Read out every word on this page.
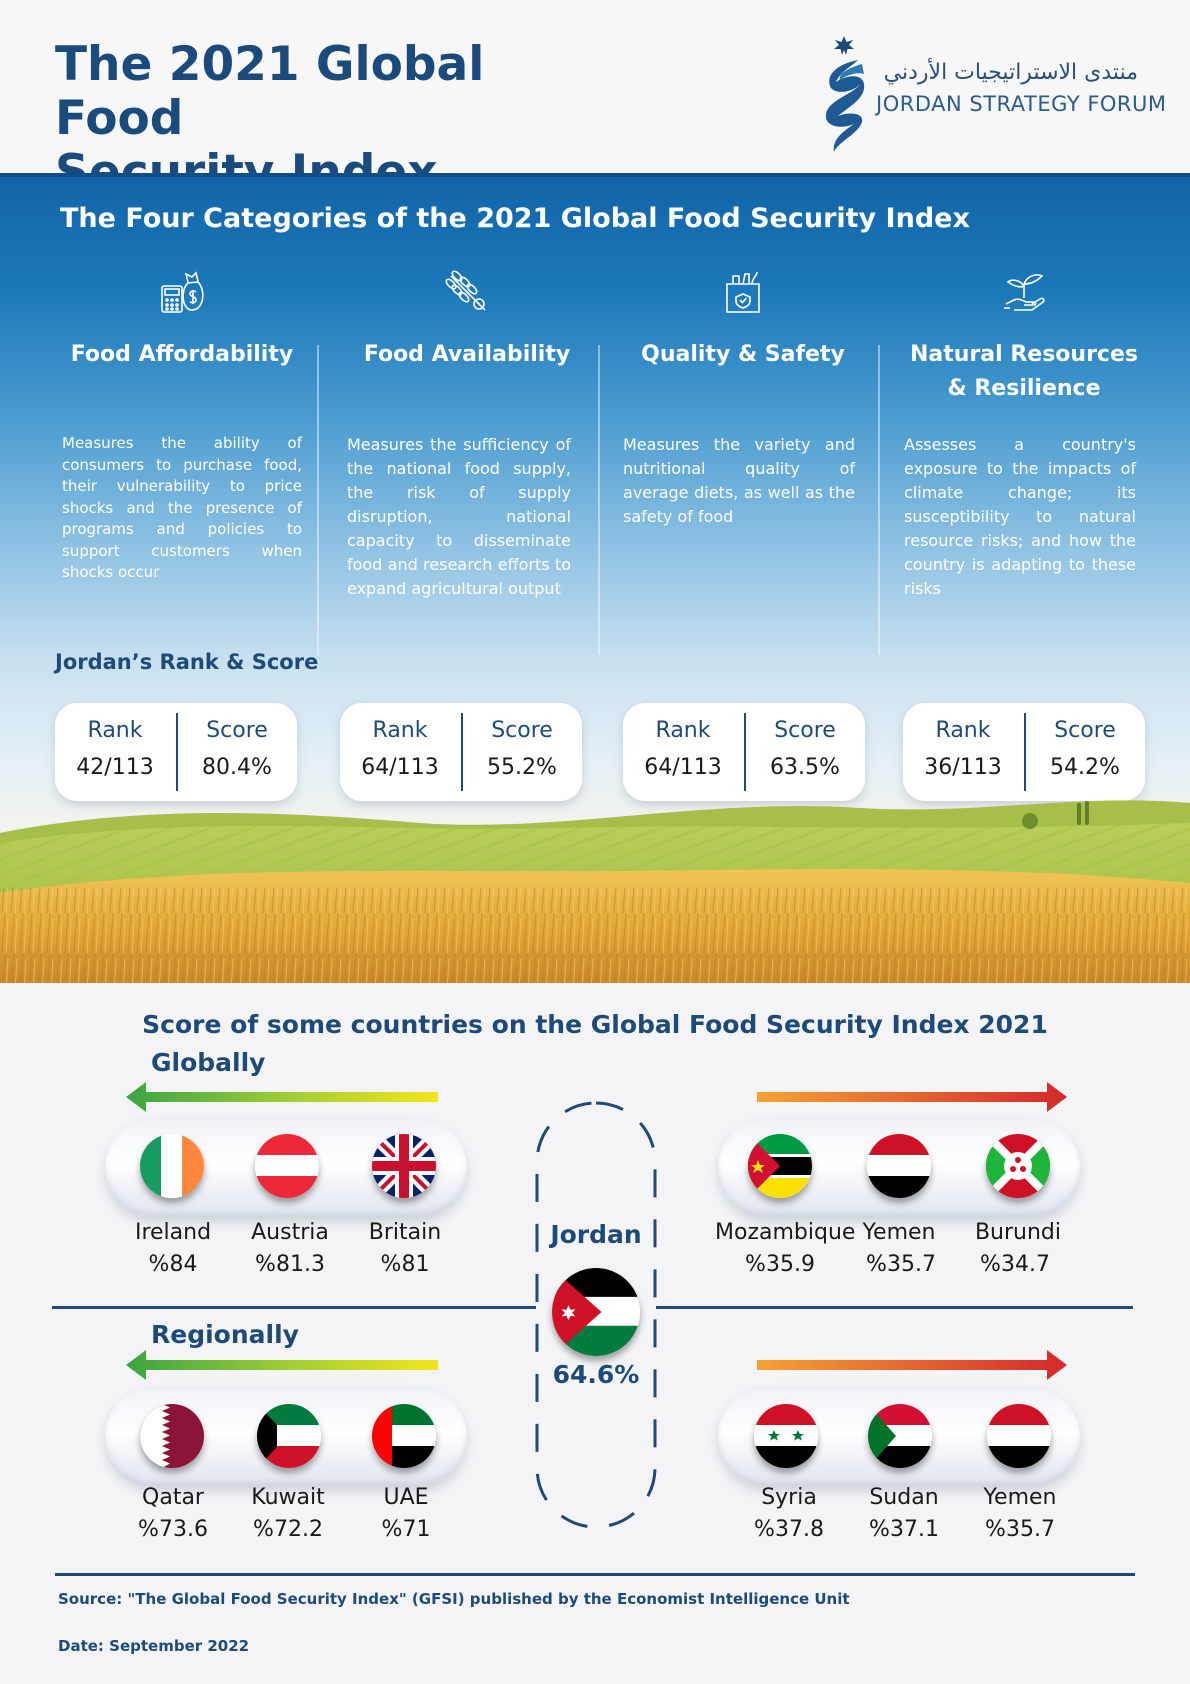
The 2021 Global Food
منتدى الاستراتيجيات الأردني
JORDAN STRATEGY FORUM
The Four Categories of the 2021 Global Food Security Index
Food Affordability
Measures the ability of consumers to purchase food, their vulnerability to price shocks and the presence of programs and policies to support customers when shocks occur
Food Availability
Measures the sufficiency of the national food supply, the risk of supply disruption, national capacity to disseminate food and research efforts to expand agricultural output
Quality & Safety
Measures the variety and nutritional quality of average diets, as well as the safety of food
Natural Resources
& Resilience
Assesses a country's exposure to the impacts of climate change; its susceptibility to natural resource risks; and how the country is adapting to these risks
Jordan’s Rank & Score
Rank
42/113
Score
80.4%
Rank
64/113
Score
55.2%
Rank
64/113
Score
63.5%
Rank
36/113
Score
54.2%
Score of some countries on the Global Food Security Index 2021
Globally
Regionally
Ireland
%84
Austria
%81.3
Britain
%81
Mozambique
%35.9
Yemen
%35.7
Burundi
%34.7
Qatar
%73.6
Kuwait
%72.2
UAE
%71
Syria
%37.8
Sudan
%37.1
Yemen
%35.7
Jordan
64.6%
Source: "The Global Food Security Index" (GFSI) published by the Economist Intelligence Unit
Date: September 2022
